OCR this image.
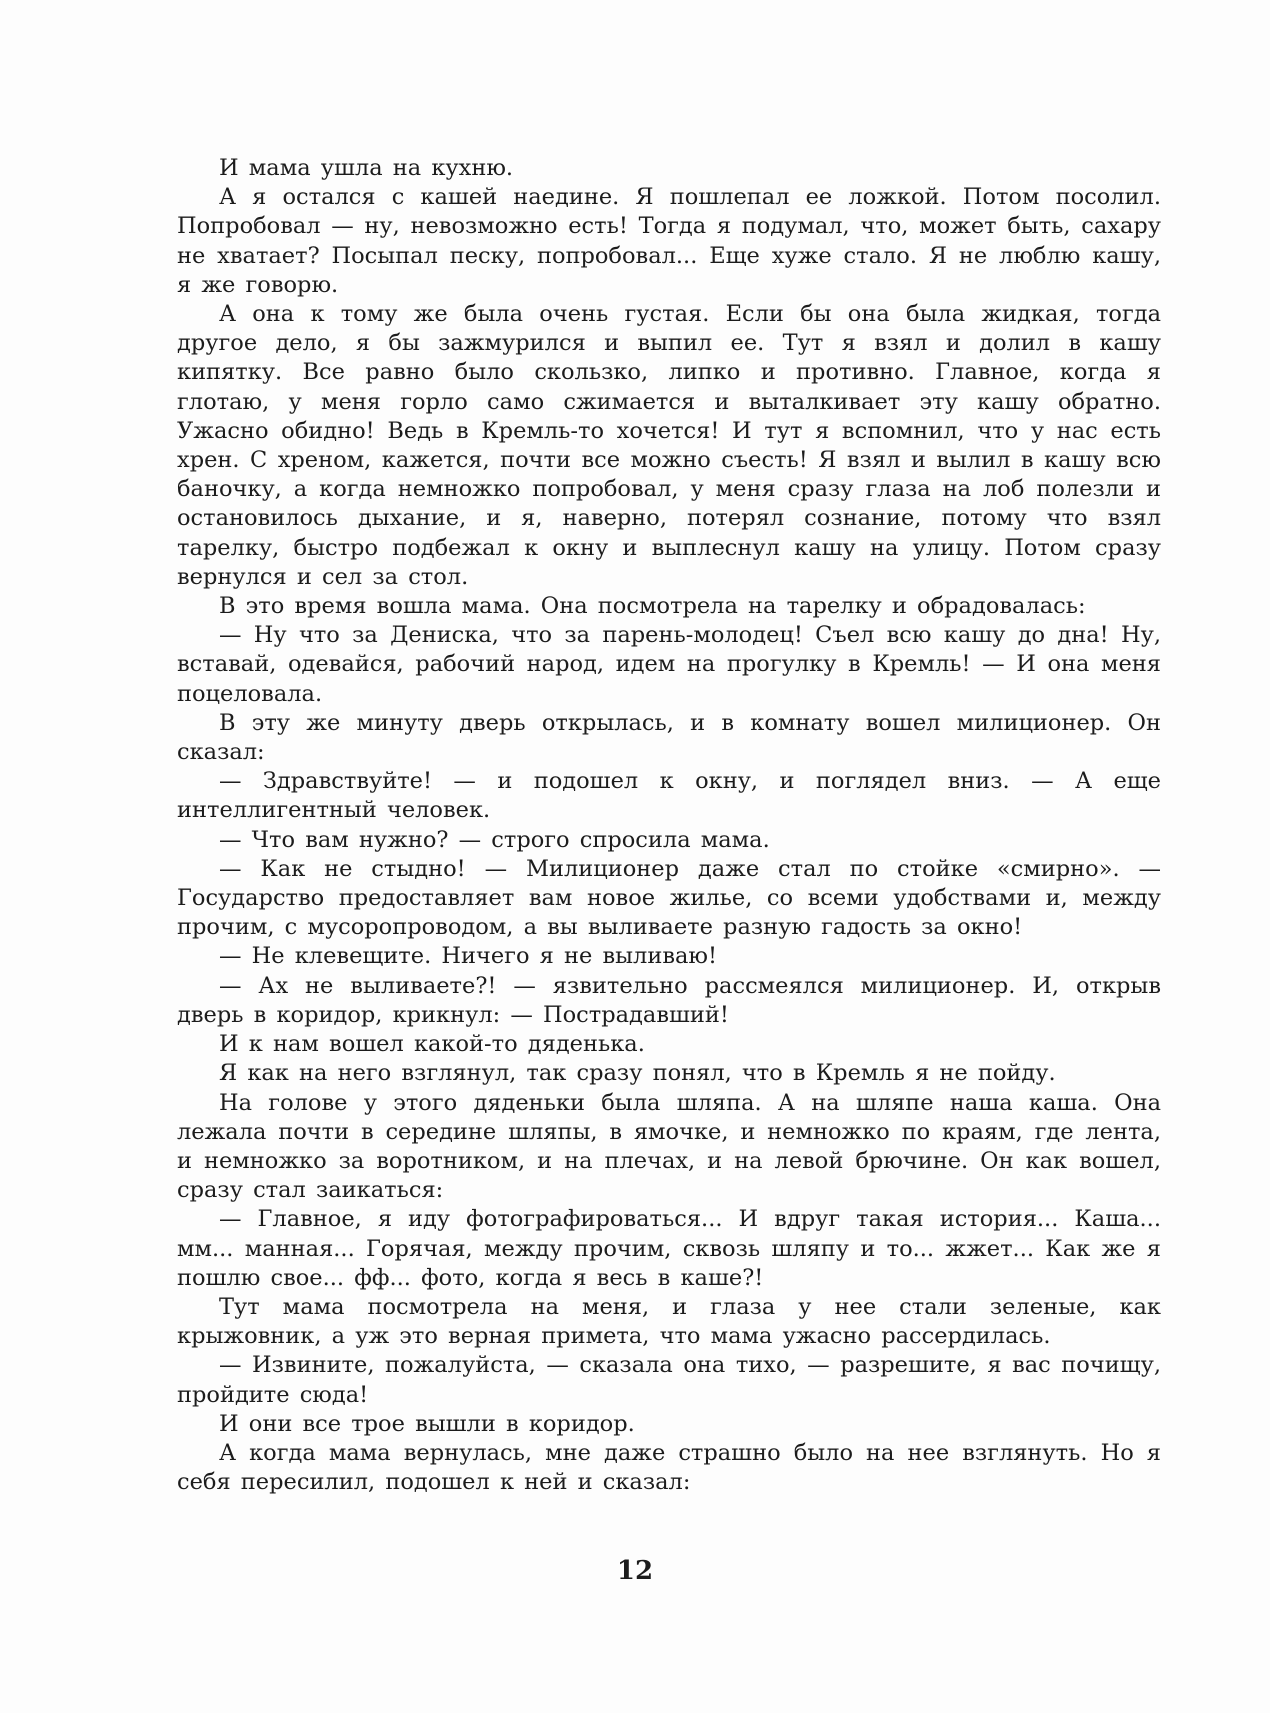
И мама ушла на кухню.

А я остался с кашей наедине. Я пошлепал ее ложкой. Потом посолил. Попробовал — ну, невозможно есть! Тогда я подумал, что, может быть, сахару не хватает? Посыпал песку, попробовал... Еще хуже стало. Я не люблю кашу, я же говорю.

А она к тому же была очень густая. Если бы она была жидкая, тогда другое дело, я бы зажмурился и выпил ее. Тут я взял и долил в кашу кипятку. Все равно было скользко, липко и противно. Главное, когда я глотаю, у меня горло само сжимается и выталкивает эту кашу обратно. Ужасно обидно! Ведь в Кремль-то хочется! И тут я вспомнил, что у нас есть хрен. С хреном, кажется, почти все можно съесть! Я взял и вылил в кашу всю баночку, а когда немножко попробовал, у меня сразу глаза на лоб полезли и остановилось дыхание, и я, наверно, потерял сознание, потому что взял тарелку, быстро подбежал к окну и выплеснул кашу на улицу. Потом сразу вернулся и сел за стол.

В это время вошла мама. Она посмотрела на тарелку и обрадовалась:

— Ну что за Дениска, что за парень-молодец! Съел всю кашу до дна! Ну, вставай, одевайся, рабочий народ, идем на прогулку в Кремль! — И она меня поцеловала.

В эту же минуту дверь открылась, и в комнату вошел милиционер. Он сказал:

— Здравствуйте! — и подошел к окну, и поглядел вниз. — А еще интеллигентный человек.

— Что вам нужно? — строго спросила мама.

— Как не стыдно! — Милиционер даже стал по стойке «смирно». — Государство предоставляет вам новое жилье, со всеми удобствами и, между прочим, с мусоропроводом, а вы выливаете разную гадость за окно!

— Не клевещите. Ничего я не выливаю!

— Ах не выливаете?! — язвительно рассмеялся милиционер. И, открыв дверь в коридор, крикнул: — Пострадавший!

И к нам вошел какой-то дяденька.

Я как на него взглянул, так сразу понял, что в Кремль я не пойду.

На голове у этого дяденьки была шляпа. А на шляпе наша каша. Она лежала почти в середине шляпы, в ямочке, и немножко по краям, где лента, и немножко за воротником, и на плечах, и на левой брючине. Он как вошел, сразу стал заикаться:

— Главное, я иду фотографироваться... И вдруг такая история... Каша... мм... манная... Горячая, между прочим, сквозь шляпу и то... жжет... Как же я пошлю свое... фф... фото, когда я весь в каше?!

Тут мама посмотрела на меня, и глаза у нее стали зеленые, как крыжовник, а уж это верная примета, что мама ужасно рассердилась.

— Извините, пожалуйста, — сказала она тихо, — разрешите, я вас почищу, пройдите сюда!

И они все трое вышли в коридор.

А когда мама вернулась, мне даже страшно было на нее взглянуть. Но я себя пересилил, подошел к ней и сказал:

12
